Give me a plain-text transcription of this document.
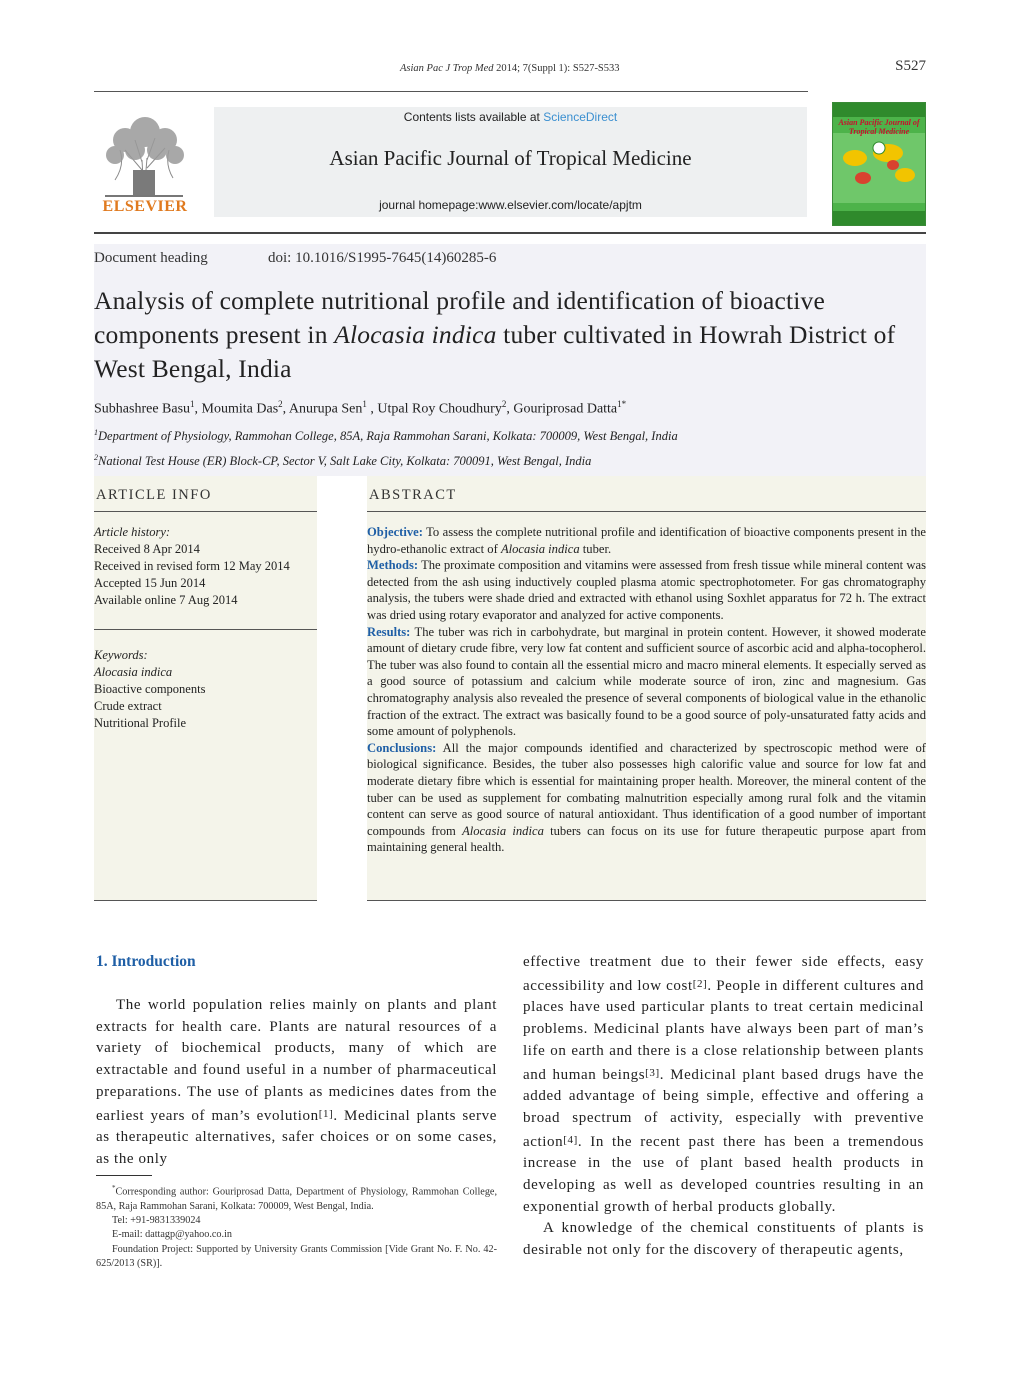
Asian Pac J Trop Med 2014; 7(Suppl 1): S527-S533	S527
ELSEVIER
Contents lists available at ScienceDirect
Asian Pacific Journal of Tropical Medicine
journal homepage:www.elsevier.com/locate/apjtm
Asian Pacific Journal of Tropical Medicine
Document heading	doi: 10.1016/S1995-7645(14)60285-6
Analysis of complete nutritional profile and identification of bioactive components present in Alocasia indica tuber cultivated in Howrah District of West Bengal, India
Subhashree Basu$^1$, Moumita Das$^2$, Anurupa Sen$^1$ , Utpal Roy Choudhury$^2$, Gouriprosad Datta$^{1*}$
$^1$Department of Physiology, Rammohan College, 85A, Raja Rammohan Sarani, Kolkata: 700009, West Bengal, India
$^2$National Test House (ER) Block-CP, Sector V, Salt Lake City, Kolkata: 700091, West Bengal, India
ARTICLE INFO	ABSTRACT
Article history:
Received 8 Apr 2014
Received in revised form 12 May 2014
Accepted 15 Jun 2014
Available online 7 Aug 2014
Keywords:
Alocasia indica
Bioactive components
Crude extract
Nutritional Profile
Objective: To assess the complete nutritional profile and identification of bioactive components present in the hydro-ethanolic extract of Alocasia indica tuber.
Methods: The proximate composition and vitamins were assessed from fresh tissue while mineral content was detected from the ash using inductively coupled plasma atomic spectrophotometer. For gas chromatography analysis, the tubers were shade dried and extracted with ethanol using Soxhlet apparatus for 72 h. The extract was dried using rotary evaporator and analyzed for active components.
Results: The tuber was rich in carbohydrate, but marginal in protein content. However, it showed moderate amount of dietary crude fibre, very low fat content and sufficient source of ascorbic acid and alpha-tocopherol. The tuber was also found to contain all the essential micro and macro mineral elements. It especially served as a good source of potassium and calcium while moderate source of iron, zinc and magnesium. Gas chromatography analysis also revealed the presence of several components of biological value in the ethanolic fraction of the extract. The extract was basically found to be a good source of poly-unsaturated fatty acids and some amount of polyphenols.
Conclusions: All the major compounds identified and characterized by spectroscopic method were of biological significance. Besides, the tuber also possesses high calorific value and source for low fat and moderate dietary fibre which is essential for maintaining proper health. Moreover, the mineral content of the tuber can be used as supplement for combating malnutrition especially among rural folk and the vitamin content can serve as good source of natural antioxidant. Thus identification of a good number of important compounds from Alocasia indica tubers can focus on its use for future therapeutic purpose apart from maintaining general health.
1. Introduction
The world population relies mainly on plants and plant extracts for health care. Plants are natural resources of a variety of biochemical products, many of which are extractable and found useful in a number of pharmaceutical preparations. The use of plants as medicines dates from the earliest years of man’s evolution[1]. Medicinal plants serve as therapeutic alternatives, safer choices or on some cases, as the only

effective treatment due to their fewer side effects, easy accessibility and low cost[2]. People in different cultures and places have used particular plants to treat certain medicinal problems. Medicinal plants have always been part of man’s life on earth and there is a close relationship between plants and human beings[3]. Medicinal plant based drugs have the added advantage of being simple, effective and offering a broad spectrum of activity, especially with preventive action[4]. In the recent past there has been a tremendous increase in the use of plant based health products in developing as well as developed countries resulting in an exponential growth of herbal products globally.

A knowledge of the chemical constituents of plants is desirable not only for the discovery of therapeutic agents,

*Corresponding author: Gouriprosad Datta, Department of Physiology, Rammohan College, 85A, Raja Rammohan Sarani, Kolkata: 700009, West Bengal, India.

Tel: +91-9831339024

E-mail: dattagp@yahoo.co.in

Foundation Project: Supported by University Grants Commission [Vide Grant No. F. No. 42-625/2013 (SR)].
